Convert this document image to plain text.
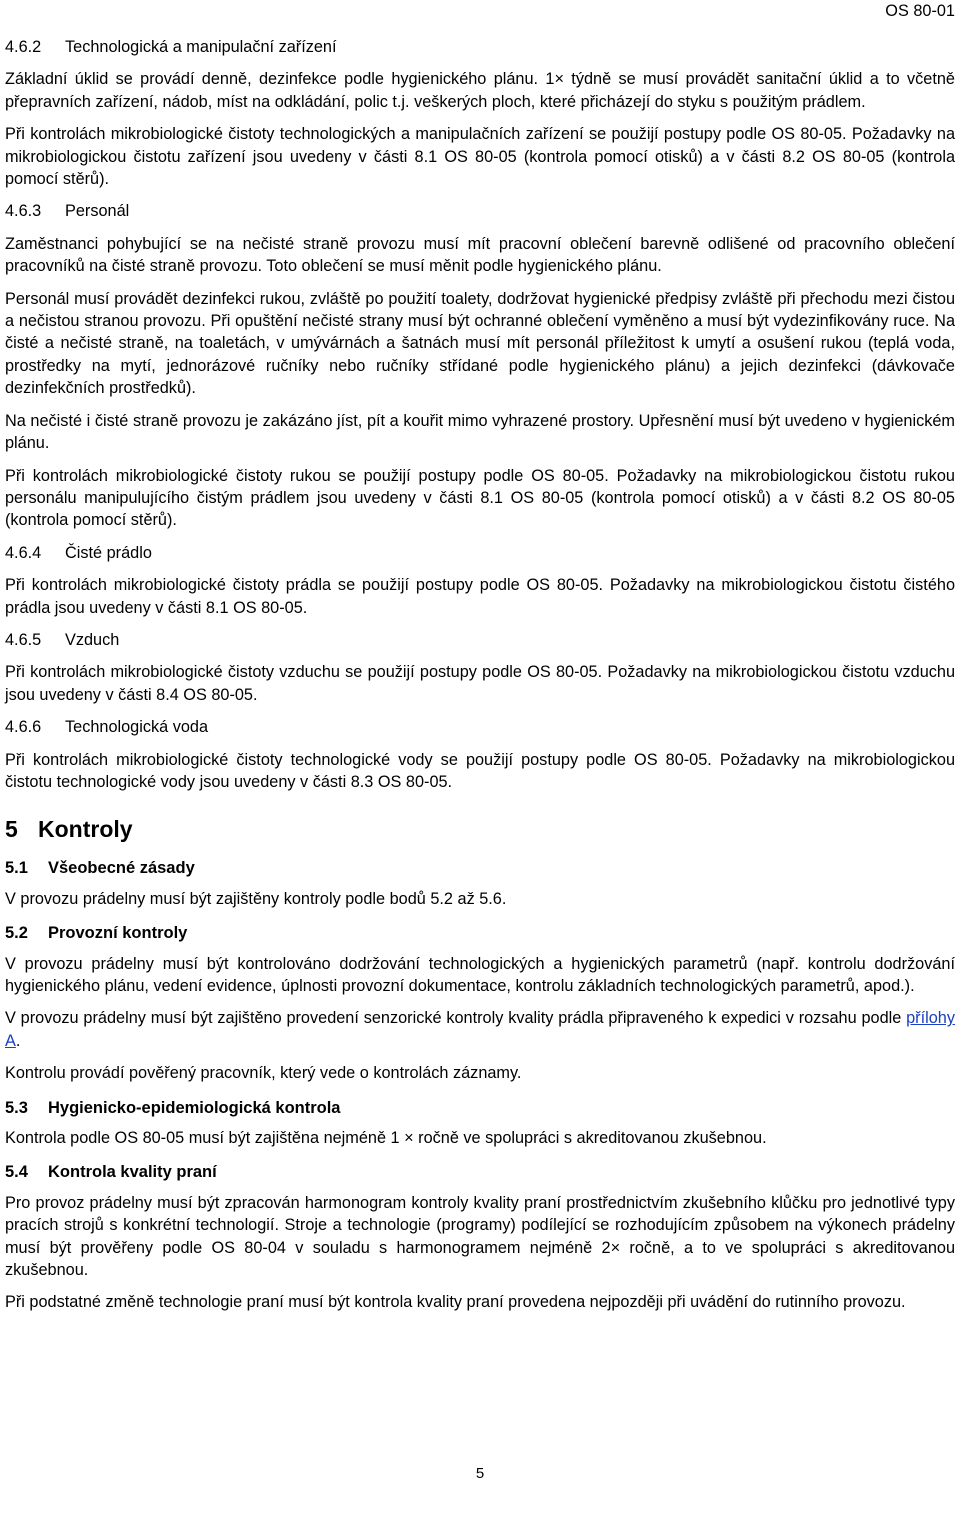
OS 80-01
4.6.2 Technologická a manipulační zařízení

Základní úklid se provádí denně, dezinfekce podle hygienického plánu. 1× týdně se musí provádět sanitační úklid a to včetně přepravních zařízení, nádob, míst na odkládání, polic t.j. veškerých ploch, které přicházejí do styku s použitým prádlem.

Při kontrolách mikrobiologické čistoty technologických a manipulačních zařízení se použijí postupy podle OS 80-05. Požadavky na mikrobiologickou čistotu zařízení jsou uvedeny v části 8.1 OS 80-05 (kontrola pomocí otisků) a v části 8.2 OS 80-05 (kontrola pomocí stěrů).

4.6.3 Personál

Zaměstnanci pohybující se na nečisté straně provozu musí mít pracovní oblečení barevně odlišené od pracovního oblečení pracovníků na čisté straně provozu. Toto oblečení se musí měnit podle hygienického plánu.

Personál musí provádět dezinfekci rukou, zvláště po použití toalety, dodržovat hygienické předpisy zvláště při přechodu mezi čistou a nečistou stranou provozu. Při opuštění nečisté strany musí být ochranné oblečení vyměněno a musí být vydezinfikovány ruce. Na čisté a nečisté straně, na toaletách, v umývárnách a šatnách musí mít personál příležitost k umytí a osušení rukou (teplá voda, prostředky na mytí, jednorázové ručníky nebo ručníky střídané podle hygienického plánu) a jejich dezinfekci (dávkovače dezinfekčních prostředků).

Na nečisté i čisté straně provozu je zakázáno jíst, pít a kouřit mimo vyhrazené prostory. Upřesnění musí být uvedeno v hygienickém plánu.

Při kontrolách mikrobiologické čistoty rukou se použijí postupy podle OS 80-05. Požadavky na mikrobiologickou čistotu rukou personálu manipulujícího čistým prádlem jsou uvedeny v části 8.1 OS 80-05 (kontrola pomocí otisků) a v části 8.2 OS 80-05 (kontrola pomocí stěrů).

4.6.4 Čisté prádlo

Při kontrolách mikrobiologické čistoty prádla se použijí postupy podle OS 80-05. Požadavky na mikrobiologickou čistotu čistého prádla jsou uvedeny v části 8.1 OS 80-05.

4.6.5 Vzduch

Při kontrolách mikrobiologické čistoty vzduchu se použijí postupy podle OS 80-05. Požadavky na mikrobiologickou čistotu vzduchu jsou uvedeny v části 8.4 OS 80-05.

4.6.6 Technologická voda

Při kontrolách mikrobiologické čistoty technologické vody se použijí postupy podle OS 80-05. Požadavky na mikrobiologickou čistotu technologické vody jsou uvedeny v části 8.3 OS 80-05.

5 Kontroly
5.1 Všeobecné zásady

V provozu prádelny musí být zajištěny kontroly podle bodů 5.2 až 5.6.

5.2 Provozní kontroly

V provozu prádelny musí být kontrolováno dodržování technologických a hygienických parametrů (např. kontrolu dodržování hygienického plánu, vedení evidence, úplnosti provozní dokumentace, kontrolu základních technologických parametrů, apod.).

V provozu prádelny musí být zajištěno provedení senzorické kontroly kvality prádla připraveného k expedici v rozsahu podle přílohy A.

Kontrolu provádí pověřený pracovník, který vede o kontrolách záznamy.

5.3 Hygienicko-epidemiologická kontrola

Kontrola podle OS 80-05 musí být zajištěna nejméně 1 × ročně ve spolupráci s akreditovanou zkušebnou.

5.4 Kontrola kvality praní

Pro provoz prádelny musí být zpracován harmonogram kontroly kvality praní prostřednictvím zkušebního klůčku pro jednotlivé typy pracích strojů s konkrétní technologií. Stroje a technologie (programy) podílející se rozhodujícím způsobem na výkonech prádelny musí být prověřeny podle OS 80-04 v souladu s harmonogramem nejméně 2× ročně, a to ve spolupráci s akreditovanou zkušebnou.

Při podstatné změně technologie praní musí být kontrola kvality praní provedena nejpozději při uvádění do rutinního provozu.

5
